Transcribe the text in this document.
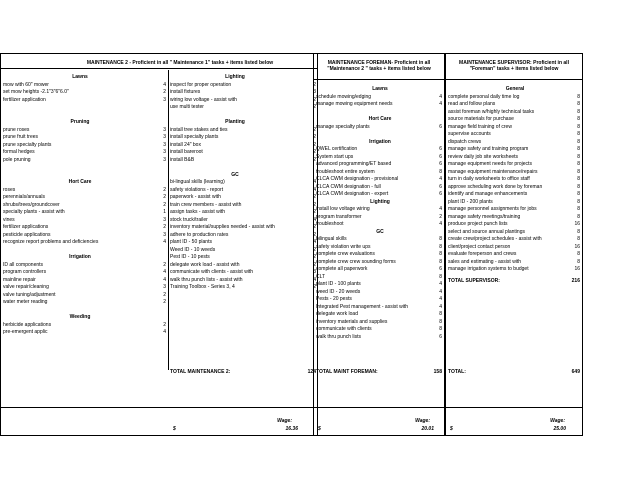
MAINTENANCE 2 - Proficient in all " Maintenance 1" tasks + items listed below
Lawns	Lighting
mow with 60" mower	4
set mow heights -2.1"3"6"6.0"	2
fertilizer application	3
inspect for proper operation	2
install fixtures	3
wiring low voltage - assist with	2
use multi tester	2
Pruning	Planting
prune roses	3
prune fruit trees	3
prune specialty plants	3
formal hedges	3
pole pruning	3
install tree stakes and ties	2
install specialty plants	2
install 24" box	2
install bareroot	2
install B&B	2
GC
bi-lingual skills (learning)	4
safety violations - report	4
paperwork - assist with	2
train crew members - assist with	2
assign tasks - assist with	2
stock truck/trailer	4
inventory material/supplies needed - assist with	2
adhere to production rates	2
plant ID - 50 plants	4
Weed ID - 10 weeds	2
Pest ID - 10 pests	2
delegate work load - assist with	2
communicate with clients - assist with	3
walk thru punch lists - assist with	4
Training Toolbox - Series 3, 4	2
Hort Care
roses	2
perennials/annuals	2
shrubs/trees/groundcover	2
specialty plants - assist with	1
vines	3
fertilizer applications	2
pesticide applications	3
recognize report problems and deficiencies	4
Irrigation
ID all components	2
program controllers	4
mainline repair	4
valve repair/cleaning	3
valve tuning/adjustment	2
water meter reading	2
Weeding
herbicide applications	2
pre-emergent applic	4
TOTAL MAINTENANCE 2:	124
Wage:
$	16.36
MAINTENANCE FOREMAN- Proficient in all "Maintenance 2 " tasks + items listed below
Lawns
schedule mowing/edging	4
manage mowing equipment needs	4
Hort Care
manage specialty plants	6
Irrigation
QWEL certification	6
System start ups	6
advanced programming/ET based	6
troubleshoot entire system	8
CLCA CWM designation - provisional	4
CLCA CWM designation - full	6
CLCA CWM designation - expert	6
Lighting
install low voltage wiring	4
program transformer	2
troubleshoot	4
GC
bilingual skills	8
safety violation write ups	8
complete crew evaluations	8
complete crew crew sounding forms	8
complete all paperwork	6
CLT	8
plant ID - 100 plants	4
weed ID - 20 weeds	4
Pests - 20 pests	4
Integrated Pest management - assist with	4
delegate work load	8
inventory materials and supplies	8
communicate with clients	8
walk thru punch lists	6
TOTAL MAINT FOREMAN:	158
Wage:
$	20.01
MAINTENANCE SUPERVISOR: Proficient in all "Foreman" tasks + items listed below
General
complete personal daily time log	8
read and follow plans	8
assist foreman w/highly technical tasks	8
source materials for purchase	8
manage field training of crew	8
supervise accounts	8
dispatch crews	8
manage safety and training program	8
review daily job site worksheets	8
manage equipment needs for projects	8
manage equipment maintenance/repairs	8
turn in daily worksheets to office staff	8
approve scheduling work done by foreman	8
identify and manage enhancements	8
plant ID - 200 plants	8
manage personnel assignments for jobs	8
manage safety meetings/training	8
produce project punch lists	16
select and source annual plantings	8
create crew/project schedules - assist with	8
client/project contact person	16
evaluate foreperson and crews	8
sales and estimating - assist with	8
manage irrigation systems to budget	16
TOTAL SUPERVISOR:	216
TOTAL:	649
Wage:
$	25.00
